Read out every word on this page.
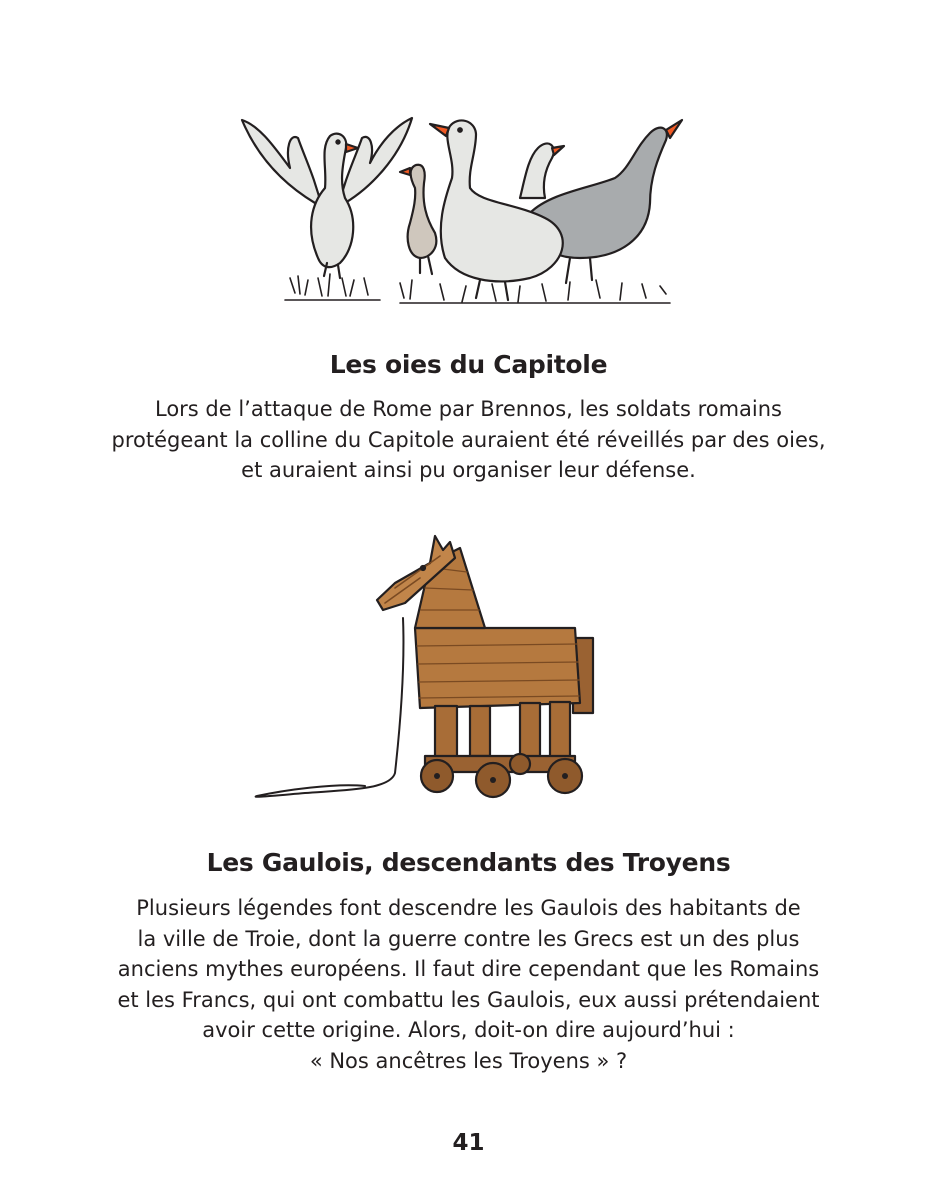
Les oies du Capitole

Lors de l’attaque de Rome par Brennos, les soldats romains
protégeant la colline du Capitole auraient été réveillés par des oies,
et auraient ainsi pu organiser leur défense.

Les Gaulois, descendants des Troyens

Plusieurs légendes font descendre les Gaulois des habitants de
la ville de Troie, dont la guerre contre les Grecs est un des plus
anciens mythes européens. Il faut dire cependant que les Romains
et les Francs, qui ont combattu les Gaulois, eux aussi prétendaient
avoir cette origine. Alors, doit-on dire aujourd’hui :
« Nos ancêtres les Troyens » ?

41
